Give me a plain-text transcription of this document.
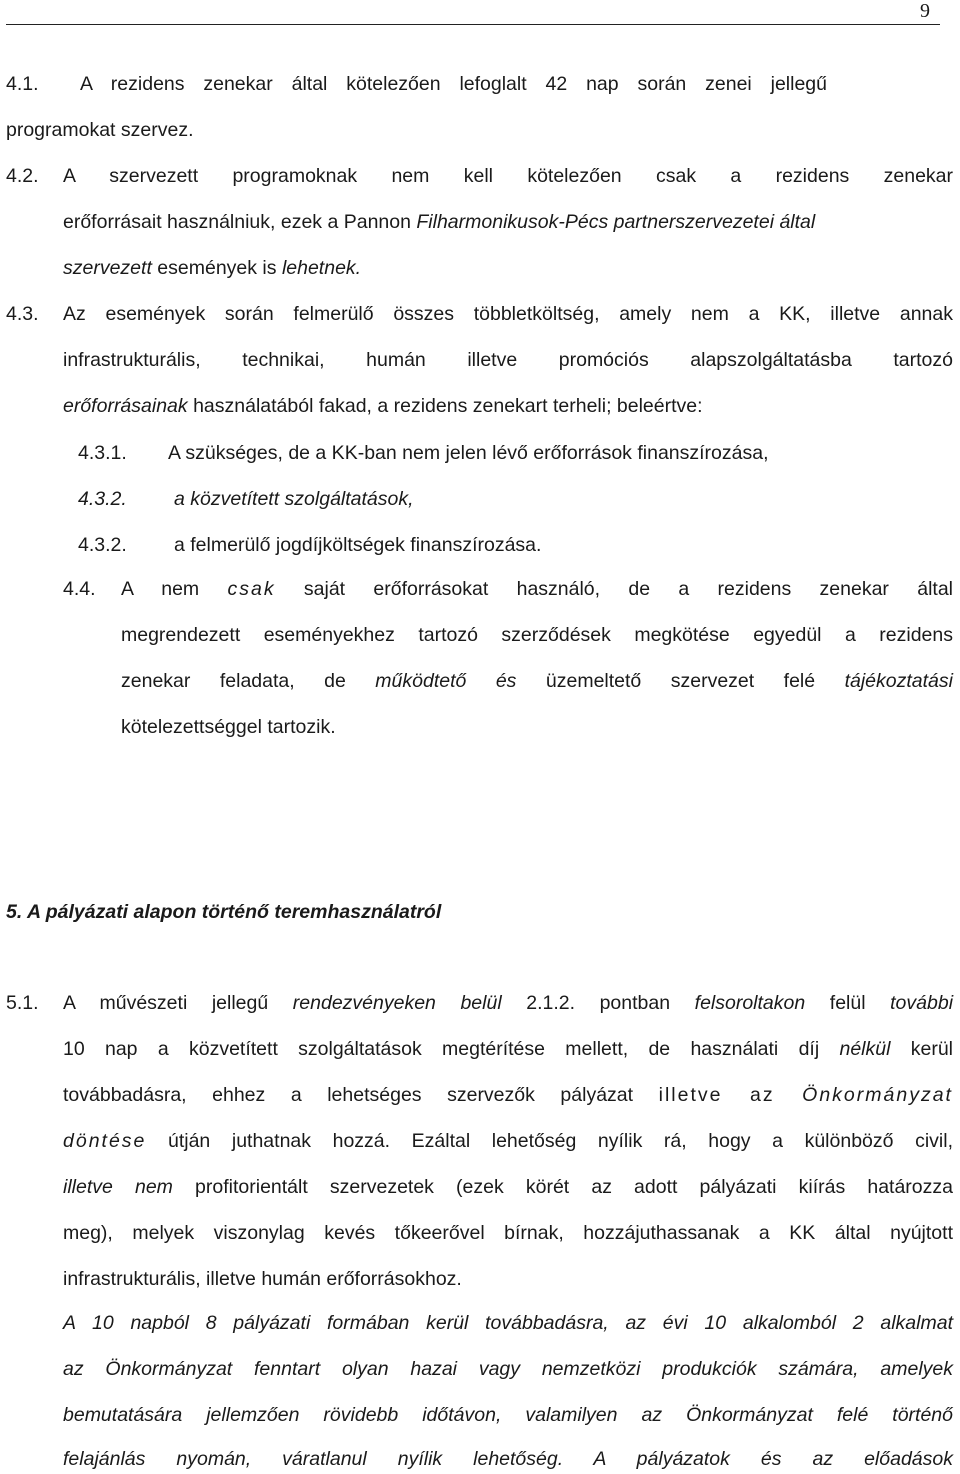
9
4.1. A rezidens zenekar által kötelezően lefoglalt 42 nap során zenei jellegű
programokat szervez.
4.2. A szervezett programoknak nem kell kötelezően csak a rezidens zenekar
erőforrásait használniuk, ezek a Pannon Filharmonikusok-Pécs partnerszervezetei által
szervezett események is lehetnek.
4.3. Az események során felmerülő összes többletköltség, amely nem a KK, illetve annak
infrastrukturális, technikai, humán illetve promóciós alapszolgáltatásba tartozó
erőforrásainak használatából fakad, a rezidens zenekart terheli; beleértve:
4.3.1. A szükséges, de a KK-ban nem jelen lévő erőforrások finanszírozása,
4.3.2. a közvetített szolgáltatások,
4.3.2. a felmerülő jogdíjköltségek finanszírozása.
4.4. A nem csak saját erőforrásokat használó, de a rezidens zenekar által
megrendezett eseményekhez tartozó szerződések megkötése egyedül a rezidens
zenekar feladata, de működtető és üzemeltető szervezet felé tájékoztatási
kötelezettséggel tartozik.
5. A pályázati alapon történő teremhasználatról
5.1. A művészeti jellegű rendezvényeken belül 2.1.2. pontban felsoroltakon felül további
10 nap a közvetített szolgáltatások megtérítése mellett, de használati díj nélkül kerül
továbbadásra, ehhez a lehetséges szervezők pályázat illetve az Önkormányzat
döntése útján juthatnak hozzá. Ezáltal lehetőség nyílik rá, hogy a különböző civil,
illetve nem profitorientált szervezetek (ezek körét az adott pályázati kiírás határozza
meg), melyek viszonylag kevés tőkeerővel bírnak, hozzájuthassanak a KK által nyújtott
infrastrukturális, illetve humán erőforrásokhoz.
A 10 napból 8 pályázati formában kerül továbbadásra, az évi 10 alkalomból 2 alkalmat
az Önkormányzat fenntart olyan hazai vagy nemzetközi produkciók számára, amelyek
bemutatására jellemzően rövidebb időtávon, valamilyen az Önkormányzat felé történő
felajánlás nyomán, váratlanul nyílik lehetőség. A pályázatok és az előadások
